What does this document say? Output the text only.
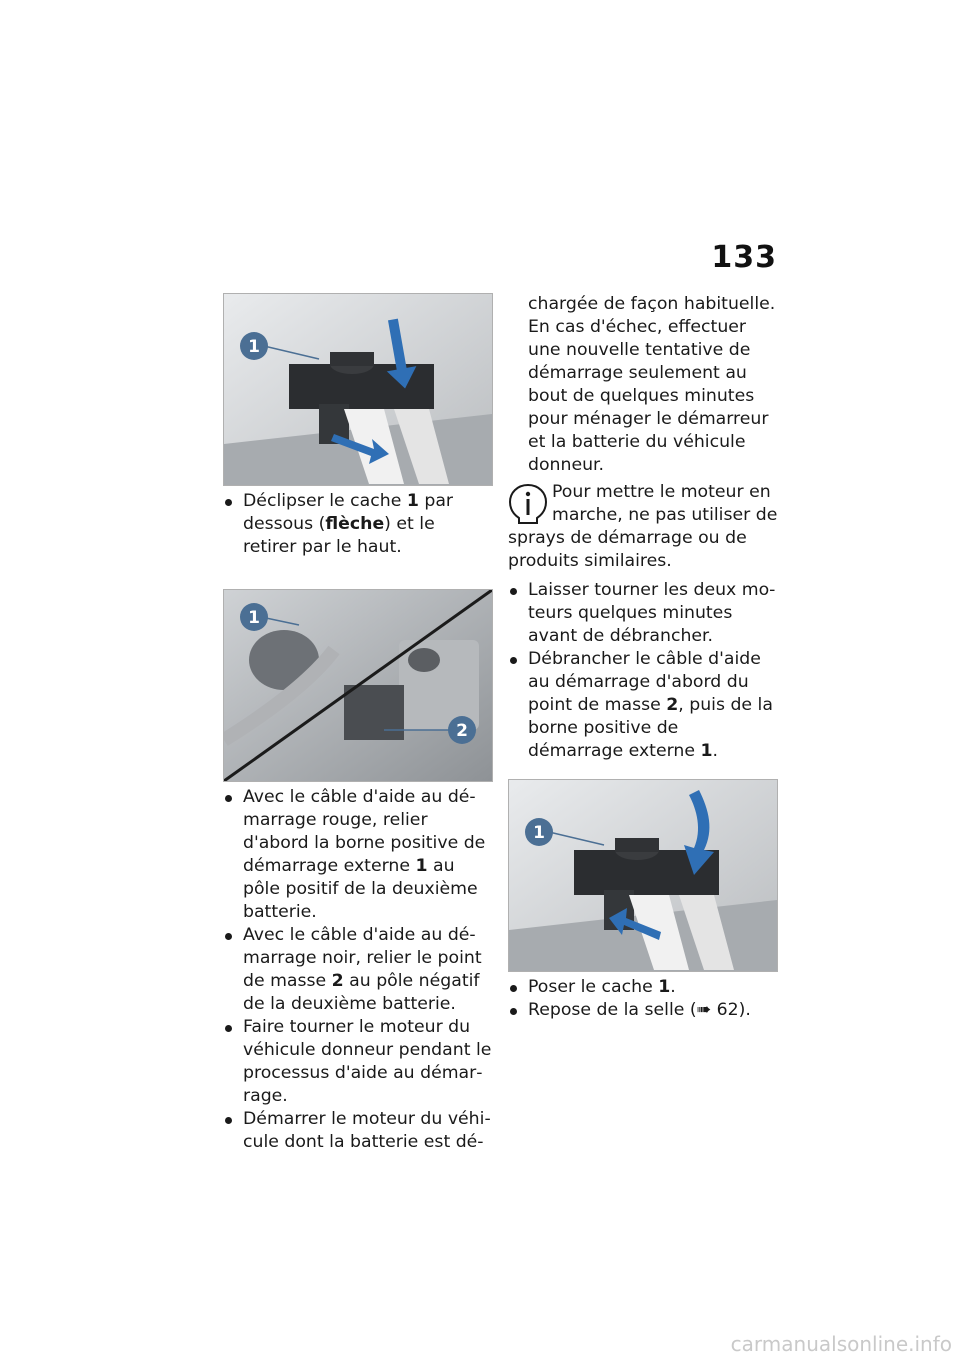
133
1
Déclipser le cache 1 par dessous (flèche) et le retirer par le haut.
1
2
Avec le câble d'aide au démarrage rouge, relier d'abord la borne positive de démarrage externe 1 au pôle positif de la deuxième batterie.
Avec le câble d'aide au démarrage noir, relier le point de masse 2 au pôle négatif de la deuxième batterie.
Faire tourner le moteur du véhicule donneur pendant le processus d'aide au démarrage.
Démarrer le moteur du véhicule dont la batterie est dé-

chargée de façon habituelle. En cas d'échec, effectuer une nouvelle tentative de démarrage seulement au bout de quelques minutes pour ménager le démarreur et la batterie du véhicule donneur.

Pour mettre le moteur en marche, ne pas utiliser de sprays de démarrage ou de produits similaires.
Laisser tourner les deux moteurs quelques minutes avant de débrancher.
Débrancher le câble d'aide au démarrage d'abord du point de masse 2, puis de la borne positive de démarrage externe 1.
1
Poser le cache 1.
Repose de la selle (➠ 62).
carmanualsonline.info
